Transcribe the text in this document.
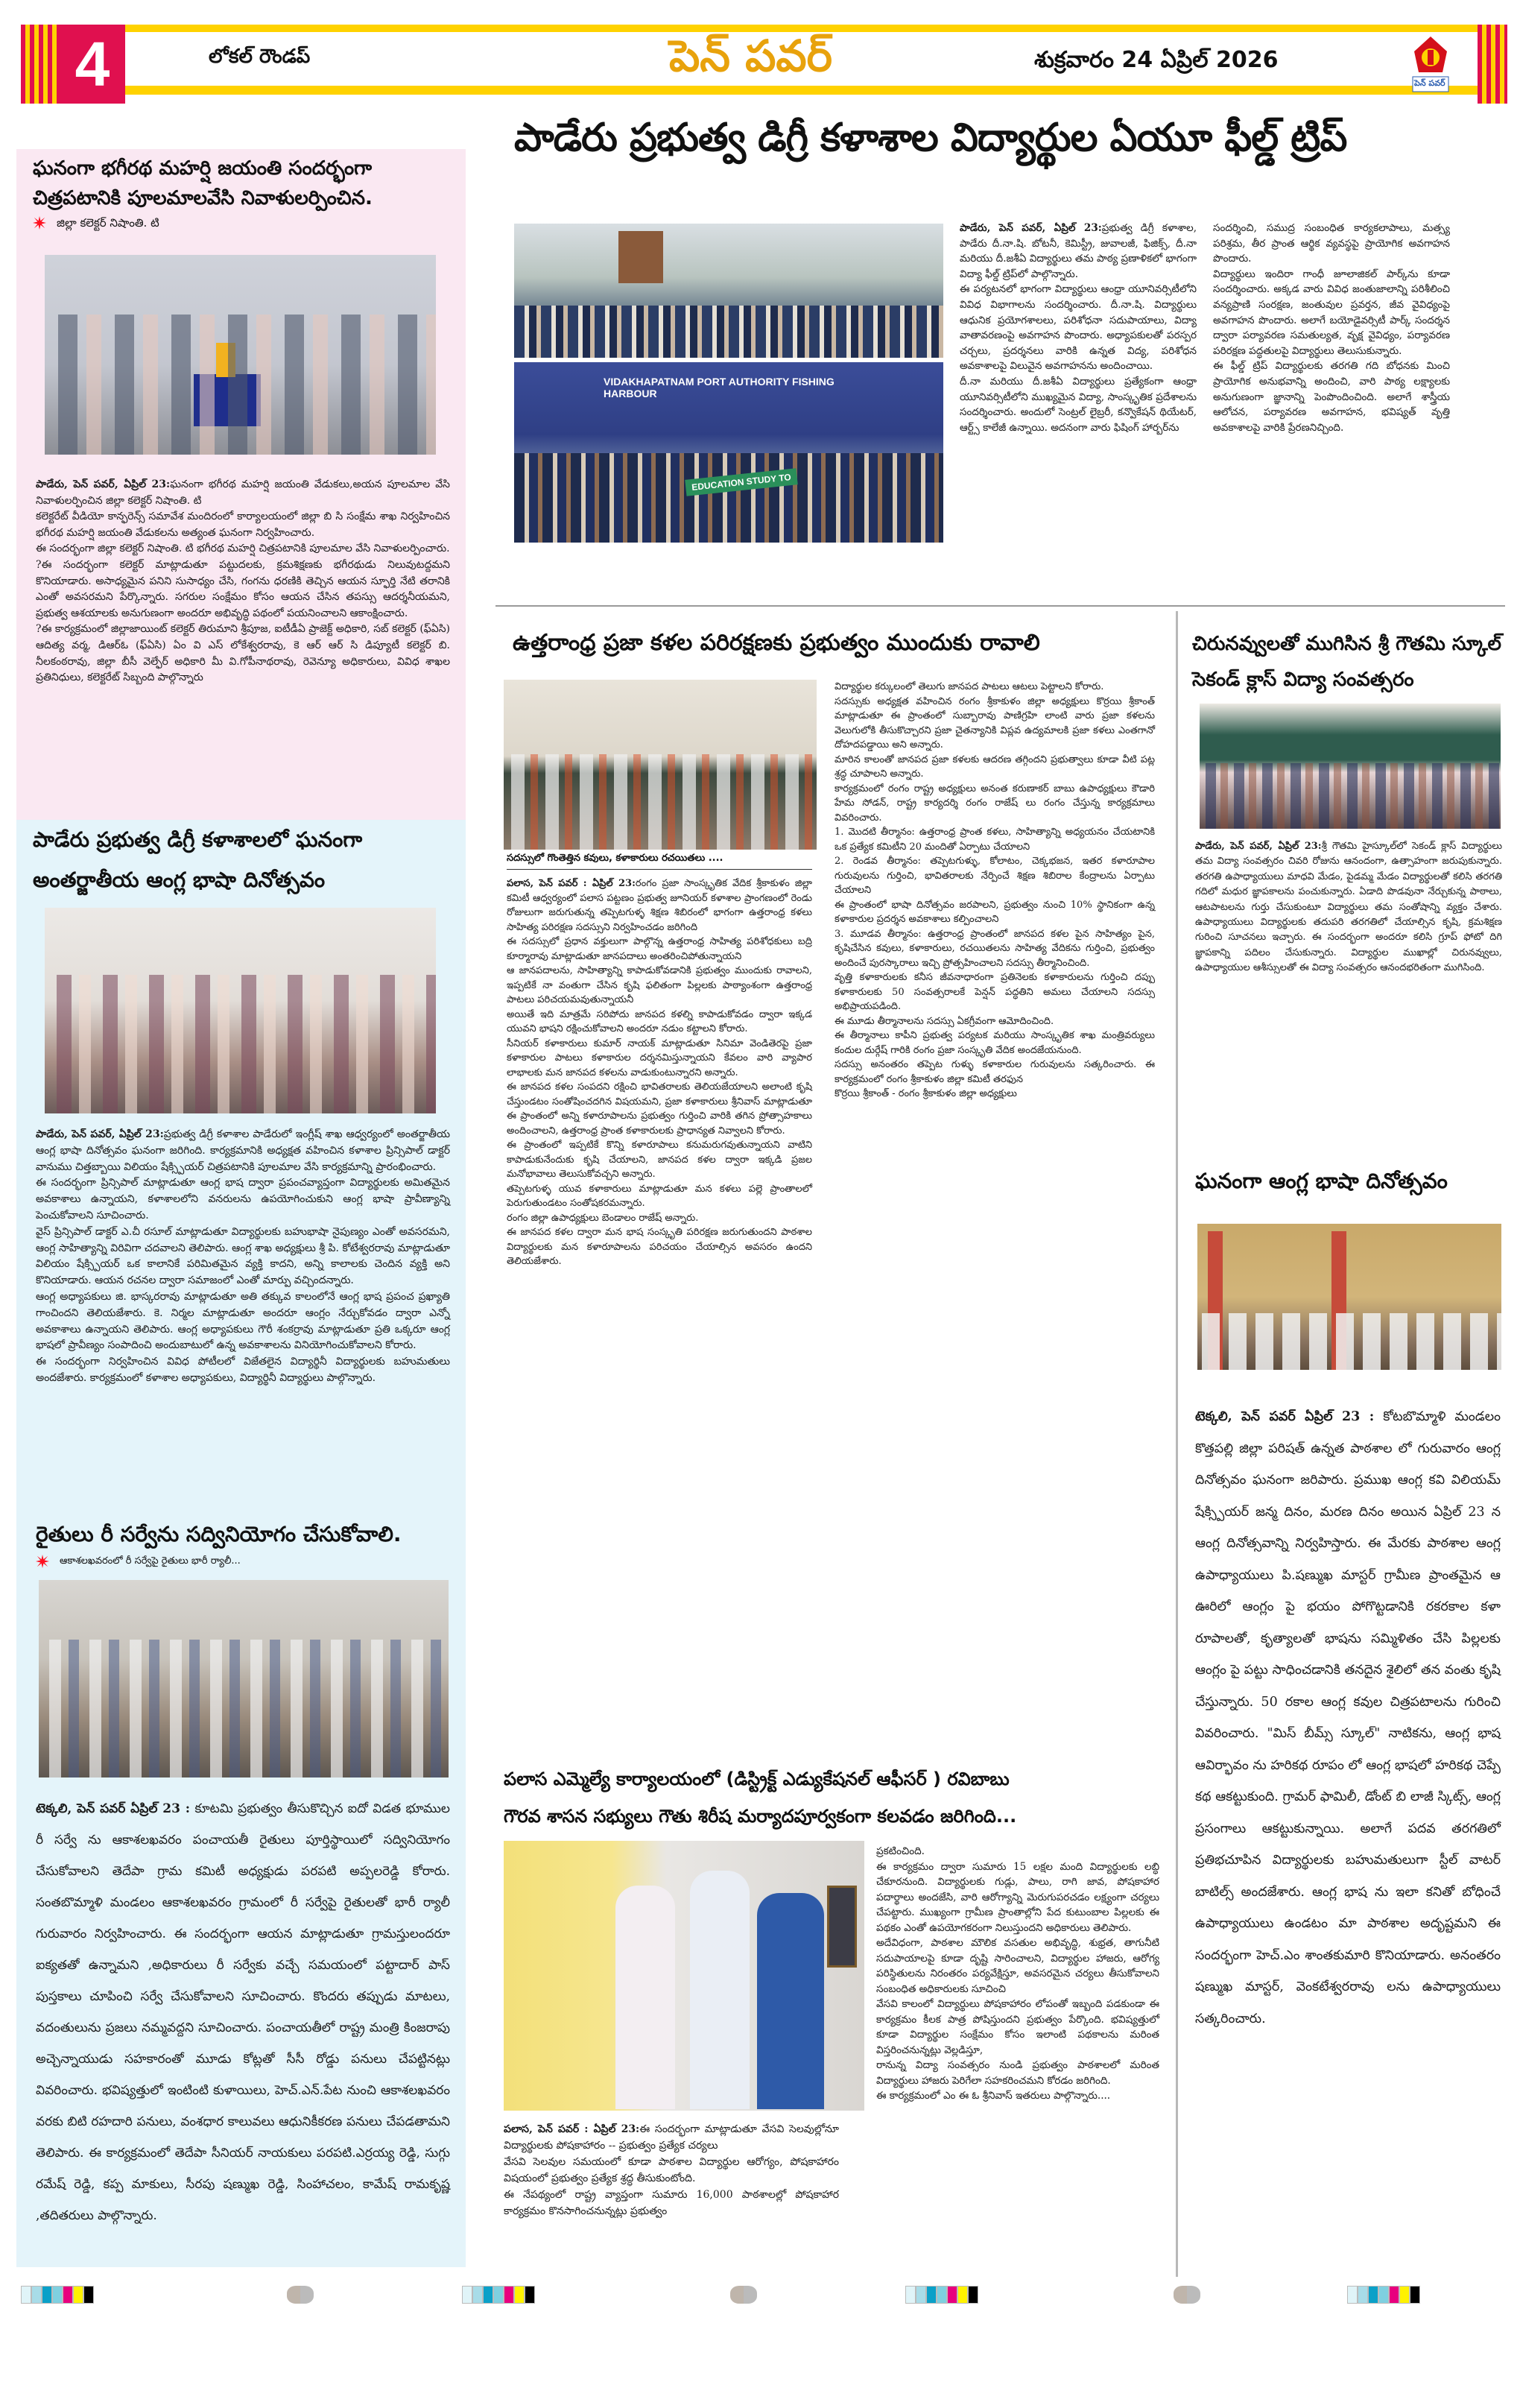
4	లోకల్ రౌండప్	పెన్ పవర్	శుక్రవారం 24 ఏప్రిల్ 2026
పెన్ పవర్
పాడేరు ప్రభుత్వ డిగ్రీ కళాశాల విద్యార్థుల ఏయూ ఫీల్డ్ ట్రిప్
VIDAKHAPATNAM PORT AUTHORITY FISHING HARBOUR
EDUCATION STUDY TO

పాడేరు, పెన్ పవర్, ఏప్రిల్ 23:ప్రభుత్వ డిగ్రీ కళాశాల, పాడేరు దీ.నా.షి. బోటనీ, కెమిస్ట్రీ, జువాలజీ, ఫిజిక్స్, దీ.నా మరియు దీ.జశీఏ విద్యార్థులు తమ పాఠ్య ప్రణాళికలో భాగంగా విద్యా ఫీల్డ్ ట్రిప్‌లో పాల్గొన్నారు.

ఈ పర్యటనలో భాగంగా విద్యార్థులు ఆంధ్రా యూనివర్సిటీలోని వివిధ విభాగాలను సందర్శించారు. దీ.నా.షి. విద్యార్థులు ఆధునిక ప్రయోగశాలలు, పరిశోధనా సదుపాయాలు, విద్యా వాతావరణంపై అవగాహన పొందారు. అధ్యాపకులతో పరస్పర చర్చలు, ప్రదర్శనలు వారికి ఉన్నత విద్య, పరిశోధన అవకాశాలపై విలువైన అవగాహనను అందించాయి.

దీ.నా మరియు దీ.జశీఏ విద్యార్థులు ప్రత్యేకంగా ఆంధ్రా యూనివర్సిటీలోని ముఖ్యమైన విద్యా, సాంస్కృతిక ప్రదేశాలను సందర్శించారు. అందులో సెంట్రల్ లైబ్రరీ, కన్వొకేషన్ థియేటర్, ఆర్ట్స్ కాలేజీ ఉన్నాయి. అదనంగా వారు ఫిషింగ్ హార్బర్‌ను

సందర్శించి, సముద్ర సంబంధిత కార్యకలాపాలు, మత్స్య పరిశ్రమ, తీర ప్రాంత ఆర్థిక వ్యవస్థపై ప్రాయోగిక అవగాహన పొందారు.

విద్యార్థులు ఇందిరా గాంధీ జూలాజికల్ పార్క్‌ను కూడా సందర్శించారు. అక్కడ వారు వివిధ జంతుజాలాన్ని పరిశీలించి వన్యప్రాణి సంరక్షణ, జంతువుల ప్రవర్తన, జీవ వైవిధ్యంపై అవగాహన పొందారు. అలాగే బయోడైవర్సిటీ పార్క్ సందర్శన ద్వారా పర్యావరణ సమతుల్యత, వృక్ష వైవిధ్యం, పర్యావరణ పరిరక్షణ పద్ధతులపై విద్యార్థులు తెలుసుకున్నారు.

ఈ ఫీల్డ్ ట్రిప్ విద్యార్థులకు తరగతి గది బోధనకు మించి ప్రాయోగిక అనుభవాన్ని అందించి, వారి పాఠ్య లక్ష్యాలకు అనుగుణంగా జ్ఞానాన్ని పెంపొందించింది. అలాగే శాస్త్రీయ ఆలోచన, పర్యావరణ అవగాహన, భవిష్యత్ వృత్తి అవకాశాలపై వారికి ప్రేరణనిచ్చింది.

ఘనంగా భగీరథ మహర్షి జయంతి సందర్భంగా
చిత్రపటానికి పూలమాలవేసి నివాళులర్పించిన.
జిల్లా కలెక్టర్ నిషాంతి. టి

పాడేరు, పెన్ పవర్, ఏప్రిల్ 23:ఘనంగా భగీరథ మహర్షి జయంతి వేడుకలు,అయన పూలమాల వేసి నివాళులర్పించిన జిల్లా కలెక్టర్ నిషాంతి. టి

కలెక్టరేట్ వీడియో కాన్ఫరెన్స్ సమావేశ మందిరంలో కార్యాలయంలో జిల్లా బి సి సంక్షేమ శాఖ నిర్వహించిన భగీరథ మహర్షి జయంతి వేడుకలను అత్యంత ఘనంగా నిర్వహించారు.

ఈ సందర్భంగా జిల్లా కలెక్టర్ నిషాంతి. టి భగీరథ మహర్షి చిత్రపటానికి పూలమాల వేసి నివాళులర్పించారు.

?ఈ సందర్భంగా కలెక్టర్ మాట్లాడుతూ పట్టుదలకు, క్రమశిక్షణకు భగీరథుడు నిలువుటద్దమని కొనియాడారు. అసాధ్యమైన పనిని సుసాధ్యం చేసి, గంగను ధరణికి తెచ్చిన ఆయన స్ఫూర్తి నేటి తరానికి ఎంతో అవసరమని పేర్కొన్నారు. సగరుల సంక్షేమం కోసం ఆయన చేసిన తపస్సు ఆదర్శనీయమని, ప్రభుత్వ ఆశయాలకు అనుగుణంగా అందరూ అభివృద్ధి పథంలో పయనించాలని ఆకాంక్షించారు.

?ఈ కార్యక్రమంలో జిల్లాజాయింట్ కలెక్టర్ తిరుమాని శ్రీపూజ, ఐటీడీఏ ప్రాజెక్ట్ అధికారి, సబ్ కలెక్టర్ (ఫ్ఏసి) ఆదిత్య వర్మ, డిఆర్ఓ (ఫ్ఏసి) ఏం వి ఎస్ లోకేశ్వరరావు, కె ఆర్ ఆర్ సి డిప్యూటీ కలెక్టర్ బి. నీలకంఠరావు, జిల్లా బీసీ వెల్ఫేర్ అధికారి మీ వి.గోపీనాథరావు, రెవెన్యూ అధికారులు, వివిధ శాఖల ప్రతినిధులు, కలెక్టరేట్ సిబ్బంది పాల్గొన్నారు

పాడేరు ప్రభుత్వ డిగ్రీ కళాశాలలో ఘనంగా
అంతర్జాతీయ ఆంగ్ల భాషా దినోత్సవం

పాడేరు, పెన్ పవర్, ఏప్రిల్ 23:ప్రభుత్వ డిగ్రీ కళాశాల పాడేరులో ఇంగ్లీష్ శాఖ ఆధ్వర్యంలో అంతర్జాతీయ ఆంగ్ల భాషా దినోత్సవం ఘనంగా జరిగింది. కార్యక్రమానికి అధ్యక్షత వహించిన కళాశాల ప్రిన్సిపాల్ డాక్టర్ వానుము చిత్తబ్బాయి విలియం షేక్స్పియర్ చిత్రపటానికి పూలమాల వేసి కార్యక్రమాన్ని ప్రారంభించారు.

ఈ సందర్భంగా ప్రిన్సిపాల్ మాట్లాడుతూ ఆంగ్ల భాష ద్వారా ప్రపంచవ్యాప్తంగా విద్యార్థులకు అమితమైన అవకాశాలు ఉన్నాయని, కళాశాలలోని వనరులను ఉపయోగించుకుని ఆంగ్ల భాషా ప్రావీణ్యాన్ని పెంచుకోవాలని సూచించారు.

వైస్ ప్రిన్సిపాల్ డాక్టర్ ఎ.చీ రసూల్ మాట్లాడుతూ విద్యార్థులకు బహుభాషా నైపుణ్యం ఎంతో అవసరమని, ఆంగ్ల సాహిత్యాన్ని విరివిగా చదవాలని తెలిపారు. ఆంగ్ల శాఖ అధ్యక్షులు శ్రీ పి. కోటేశ్వరరావు మాట్లాడుతూ విలియం షేక్స్పియర్ ఒక కాలానికే పరిమితమైన వ్యక్తి కాదని, అన్ని కాలాలకు చెందిన వ్యక్తి అని కొనియాడారు. ఆయన రచనల ద్వారా సమాజంలో ఎంతో మార్పు వచ్చిందన్నారు.

ఆంగ్ల అధ్యాపకులు జి. భాస్కరరావు మాట్లాడుతూ అతి తక్కువ కాలంలోనే ఆంగ్ల భాష ప్రపంచ ప్రఖ్యాతి గాంచిందని తెలియజేశారు. కె. నిర్మల మాట్లాడుతూ అందరూ ఆంగ్లం నేర్చుకోవడం ద్వారా ఎన్నో అవకాశాలు ఉన్నాయని తెలిపారు. ఆంగ్ల అధ్యాపకులు గౌరీ శంకర్రావు మాట్లాడుతూ ప్రతి ఒక్కరూ ఆంగ్ల భాషలో ప్రావీణ్యం సంపాదించి అందుబాటులో ఉన్న అవకాశాలను వినియోగించుకోవాలని కోరారు.

ఈ సందర్భంగా నిర్వహించిన వివిధ పోటీలలో విజేతలైన విద్యార్థినీ విద్యార్థులకు బహుమతులు అందజేశారు. కార్యక్రమంలో కళాశాల అధ్యాపకులు, విద్యార్థినీ విద్యార్థులు పాల్గొన్నారు.

రైతులు రీ సర్వేను సద్వినియోగం చేసుకోవాలి.
ఆకాశలఖవరంలో రీ సర్వేపై రైతులు భారీ ర్యాలీ...

టెక్కలి, పెన్ పవర్ ఏప్రిల్ 23 : కూటమి ప్రభుత్వం తీసుకొచ్చిన ఐదో విడత భూముల రీ సర్వే ను ఆకాశలఖవరం పంచాయతీ రైతులు పూర్తిస్థాయిలో సద్వినియోగం చేసుకోవాలని తెదేపా గ్రామ కమిటీ అధ్యక్షుడు పరపటి అప్పలరెడ్డి కోరారు. సంతబొమ్మాళి మండలం ఆకాశలఖవరం గ్రామంలో రీ సర్వేపై రైతులతో భారీ ర్యాలీ గురువారం నిర్వహించారు. ఈ సందర్భంగా ఆయన మాట్లాడుతూ గ్రామస్తులందరూ ఐక్యతతో ఉన్నామని ,అధికారులు రీ సర్వేకు వచ్చే సమయంలో పట్టాదార్ పాస్ పుస్తకాలు చూపించి సర్వే చేసుకోవాలని సూచించారు. కొందరు తప్పుడు మాటలు, వదంతులును ప్రజలు నమ్మవద్దని సూచించారు. పంచాయతీలో రాష్ట్ర మంత్రి కింజరాపు అచ్చెన్నాయుడు సహకారంతో మూడు కోట్లతో సీసీ రోడ్డు పనులు చేపట్టినట్లు వివరించారు. భవిష్యత్తులో ఇంటింటి కుళాయిలు, హెచ్.ఎన్.పేట నుంచి ఆకాశలఖవరం వరకు బిటి రహదారి పనులు, వంశధార కాలువలు ఆధునికీకరణ పనులు చేపడతామని తెలిపారు. ఈ కార్యక్రమంలో తెదేపా సీనియర్ నాయకులు పరపటి.ఎర్రయ్య రెడ్డి, సుగ్గు రమేష్ రెడ్డి, కప్ప మాకులు, సీరపు షణ్ముఖ రెడ్డి, సింహాచలం, కామేష్ రామకృష్ణ ,తదితరులు పాల్గొన్నారు.

ఉత్తరాంధ్ర ప్రజా కళల పరిరక్షణకు ప్రభుత్వం ముందుకు రావాలి
సదస్సులో గొంతెత్తిన కవులు, కళాకారులు రచయితలు ....

పలాస, పెన్ పవర్ : ఏప్రిల్ 23:రంగం ప్రజా సాంస్కృతిక వేదిక శ్రీకాకుళం జిల్లా కమిటీ ఆధ్వర్యంలో పలాస పట్టణం ప్రభుత్వ జూనియర్ కళాశాల ప్రాంగణంలో రెండు రోజులుగా జరుగుతున్న తప్పెటగుళ్ళ శిక్షణ శిబిరంలో భాగంగా ఉత్తరాంధ్ర కళలు సాహిత్య పరిరక్షణ సదస్సుని నిర్వహించడం జరిగింది

ఈ సదస్సులో ప్రధాన వక్తులుగా పాల్గొన్న ఉత్తరాంధ్ర సాహిత్య పరిశోధకులు బద్రి కూర్మారావు మాట్లాడుతూ జానపదాలు అంతరించిపోతున్నాయని

ఆ జానపదాలను, సాహిత్యాన్ని కాపాడుకోవడానికి ప్రభుత్వం ముందుకు రావాలని, ఇప్పటికే నా వంతుగా చేసిన కృషి ఫలితంగా పిల్లలకు పాఠ్యాంశంగా ఉత్తరాంధ్ర పాటలు పరిచయమవుతున్నాయనీ

అయితే ఇది మాత్రమే సరిపోదు జానపద కళల్ని కాపాడుకోవడం ద్వారా ఇక్కడ యువని భాషని రక్షించుకోవాలని అందరూ నడుం కట్టాలని కోరారు.

సీనియర్ కళాకారులు కుమార్ నాయక్ మాట్లాడుతూ సినిమా వెండితెరపై ప్రజా కళాకారుల పాటలు కళాకారుల దర్శనమిస్తున్నాయని కేవలం వారి వ్యాపార లాభాలకు మన జానపద కళలను వాడుకుంటున్నారని అన్నారు.

ఈ జానపద కళల సంపదని రక్షించి భావితరాలకు తెలియజేయాలని అలాంటి కృషి చేస్తుండటం సంతోషించదగిన విషయమని, ప్రజా కళాకారులు శ్రీనివాస్ మాట్లాడుతూ ఈ ప్రాంతంలో అన్ని కళారూపాలను ప్రభుత్వం గుర్తించి వారికి తగిన ప్రోత్సాహకాలు అందించాలని, ఉత్తరాంధ్ర ప్రాంత కళాకారులకు ప్రాధాన్యత నివ్వాలని కోరారు.

ఈ ప్రాంతంలో ఇప్పటికే కొన్ని కళారూపాలు కనుమరుగవుతున్నాయని వాటిని కాపాడుకునేందుకు కృషి చేయాలని, జానపద కళల ద్వారా ఇక్కడి ప్రజల మనోభావాలు తెలుసుకోవచ్చని అన్నారు.

తప్పెటగుళ్ళ యువ కళాకారులు మాట్లాడుతూ మన కళలు పల్లె ప్రాంతాలలో పెరుగుతుండటం సంతోషకరమన్నారు.

రంగం జిల్లా ఉపాధ్యక్షులు బెండాలం రాజేష్ అన్నారు.

ఈ జానపద కళల ద్వారా మన భాష సంస్కృతి పరిరక్షణ జరుగుతుందని పాఠశాల విద్యార్థులకు మన కళారూపాలను పరిచయం చేయాల్సిన అవసరం ఉందని తెలియజేశారు.

విద్యార్థుల కర్కులంలో తెలుగు జానపద పాటలు ఆటలు పెట్టాలని కోరారు.

సదస్సుకు అధ్యక్షత వహించిన రంగం శ్రీకాకుళం జిల్లా అధ్యక్షులు కొర్రయి శ్రీకాంత్ మాట్లాడుతూ ఈ ప్రాంతంలో సుబ్బారావు పాణిగ్రహి లాంటి వారు ప్రజా కళలను వెలుగులోకి తీసుకొచ్చారని ప్రజా చైతన్యానికి విప్లవ ఉద్యమాలకి ప్రజా కళలు ఎంతగానో దోహదపడ్డాయి అని అన్నారు.

మారిన కాలంతో జానపద ప్రజా కళలకు ఆదరణ తగ్గిందని ప్రభుత్వాలు కూడా వీటి పట్ల శ్రద్ధ చూపాలని అన్నారు.

కార్యక్రమంలో రంగం రాష్ట్ర అధ్యక్షులు అనంత కరుణాకర్ బాబు ఉపాధ్యక్షులు కౌడారి హేమ సోడన్, రాష్ట్ర కార్యదర్శి రంగం రాజేష్ లు రంగం చేస్తున్న కార్యక్రమాలు వివరించారు.

1. మొదటి తీర్మానం: ఉత్తరాంధ్ర ప్రాంత కళలు, సాహిత్యాన్ని అధ్యయనం చేయటానికి ఒక ప్రత్యేక కమిటీని 20 మందితో ఏర్పాటు చేయాలని

2. రెండవ తీర్మానం: తప్పెటగుళ్ళు, కోలాటం, చెక్కభజన, ఇతర కళారూపాల గురువులను గుర్తించి, భావితరాలకు నేర్పించే శిక్షణ శిబిరాల కేంద్రాలను ఏర్పాటు చేయాలని

ఈ ప్రాంతంలో భాషా దినోత్సవం జరపాలని, ప్రభుత్వం నుంచి 10% స్థానికంగా ఉన్న కళాకారుల ప్రదర్శన అవకాశాలు కల్పించాలని

3. మూడవ తీర్మానం: ఉత్తరాంధ్ర ప్రాంతంలో జానపద కళల పైన సాహిత్యం పైన, కృషిచేసిన కవులు, కళాకారులు, రచయితలను సాహిత్య వేదికను గుర్తించి, ప్రభుత్వం అందించే పురస్కారాలు ఇచ్చి ప్రోత్సహించాలని సదస్సు తీర్మానించింది.

వృత్తి కళాకారులకు కనీస జీవనాధారంగా ప్రతినెలకు కళాకారులను గుర్తించి దప్పు కళాకారులకు 50 సంవత్సరాలకే పెన్షన్ పద్ధతిని అమలు చేయాలని సదస్సు అభిప్రాయపడింది.

ఈ మూడు తీర్మానాలను సదస్సు ఏకగ్రీవంగా ఆమోదించింది.

ఈ తీర్మానాలు కాపీని ప్రభుత్వ పర్యటక మరియు సాంస్కృతిక శాఖ మంత్రివర్యులు కందుల దుర్గేష్ గారికి రంగం ప్రజా సంస్కృతి వేదిక అందజేయనుంది.

సదస్సు అనంతరం తప్పెట గుళ్ళు కళాకారుల గురువులను సత్కరించారు. ఈ కార్యక్రమంలో రంగం శ్రీకాకుళం జిల్లా కమిటీ తరఫున

కొర్రయి శ్రీకాంత్ - రంగం శ్రీకాకుళం జిల్లా అధ్యక్షులు

పలాస ఎమ్మెల్యే కార్యాలయంలో (డిస్ట్రిక్ట్ ఎడ్యుకేషనల్ ఆఫీసర్ ) రవిబాబు
గౌరవ శాసన సభ్యులు గౌతు శిరీష మర్యాదపూర్వకంగా కలవడం జరిగింది...

పలాస, పెన్ పవర్ : ఏప్రిల్ 23:ఈ సందర్భంగా మాట్లాడుతూ వేసవి సెలవుల్లోనూ విద్యార్థులకు పోషకాహారం -- ప్రభుత్వం ప్రత్యేక చర్యలు

వేసవి సెలవుల సమయంలో కూడా పాఠశాల విద్యార్థుల ఆరోగ్యం, పోషకాహారం విషయంలో ప్రభుత్వం ప్రత్యేక శ్రద్ధ తీసుకుంటోంది.

ఈ నేపథ్యంలో రాష్ట్ర వ్యాప్తంగా సుమారు 16,000 పాఠశాలల్లో పోషకాహార కార్యక్రమం కొనసాగించనున్నట్లు ప్రభుత్వం

ప్రకటించింది.

ఈ కార్యక్రమం ద్వారా సుమారు 15 లక్షల మంది విద్యార్థులకు లబ్ధి చేకూరనుంది. విద్యార్థులకు గుడ్లు, పాలు, రాగి జావ, పోషకాహార పదార్థాలు అందజేసి, వారి ఆరోగ్యాన్ని మెరుగుపరచడం లక్ష్యంగా చర్యలు చేపట్టారు. ముఖ్యంగా గ్రామీణ ప్రాంతాల్లోని పేద కుటుంబాల పిల్లలకు ఈ పథకం ఎంతో ఉపయోగకరంగా నిలుస్తుందని అధికారులు తెలిపారు.

అదేవిధంగా, పాఠశాల మౌలిక వసతుల అభివృద్ధి, శుభ్రత, తాగునీటి సదుపాయాలపై కూడా దృష్టి సారించాలని, విద్యార్థుల హాజరు, ఆరోగ్య పరిస్థితులను నిరంతరం పర్యవేక్షిస్తూ, అవసరమైన చర్యలు తీసుకోవాలని సంబంధిత అధికారులకు సూచించి

వేసవి కాలంలో విద్యార్థులు పోషకాహారం లోపంతో ఇబ్బంది పడకుండా ఈ కార్యక్రమం కీలక పాత్ర పోషిస్తుందని ప్రభుత్వం పేర్కొంది. భవిష్యత్తులో కూడా విద్యార్థుల సంక్షేమం కోసం ఇలాంటి పథకాలను మరింత విస్తరించనున్నట్లు వెల్లడిస్తూ,

రానున్న విద్యా సంవత్సరం నుండి ప్రభుత్వం పాఠశాలలో మరింత విద్యార్థులు హాజరు పెరిగేలా సహకరించమని కోరడం జరిగింది.

ఈ కార్యక్రమంలో ఎం ఈ ఓ శ్రీనివాస్ ఇతరులు పాల్గొన్నారు....

చిరునవ్వులతో ముగిసిన శ్రీ గౌతమి స్కూల్ సెకండ్ క్లాస్ విద్యా సంవత్సరం

పాడేరు, పెన్ పవర్, ఏప్రిల్ 23:శ్రీ గౌతమి హైస్కూల్‌లో సెకండ్ క్లాస్ విద్యార్థులు తమ విద్యా సంవత్సరం చివరి రోజును ఆనందంగా, ఉత్సాహంగా జరుపుకున్నారు. తరగతి ఉపాధ్యాయులు మాధవి మేడం, పైడమ్మ మేడం విద్యార్థులతో కలిసి తరగతి గదిలో మధుర జ్ఞాపకాలను పంచుకున్నారు. ఏడాది పొడవునా నేర్చుకున్న పాఠాలు, ఆటపాటలను గుర్తు చేసుకుంటూ విద్యార్థులు తమ సంతోషాన్ని వ్యక్తం చేశారు. ఉపాధ్యాయులు విద్యార్థులకు తదుపరి తరగతిలో చేయాల్సిన కృషి, క్రమశిక్షణ గురించి సూచనలు ఇచ్చారు. ఈ సందర్భంగా అందరూ కలిసి గ్రూప్ ఫోటో దిగి జ్ఞాపకాన్ని పదిలం చేసుకున్నారు. విద్యార్థుల ముఖాల్లో చిరునవ్వులు, ఉపాధ్యాయుల ఆశీస్సులతో ఈ విద్యా సంవత్సరం ఆనందభరితంగా ముగిసింది.

ఘనంగా ఆంగ్ల భాషా దినోత్సవం

టెక్కలి, పెన్ పవర్ ఏప్రిల్ 23 : కోటబొమ్మాళి మండలం కొత్తపల్లి జిల్లా పరిషత్ ఉన్నత పాఠశాల లో గురువారం ఆంగ్ల దినోత్సవం ఘనంగా జరిపారు. ప్రముఖ ఆంగ్ల కవి విలియమ్ షేక్స్పియర్ జన్మ దినం, మరణ దినం అయిన ఏప్రిల్ 23 న ఆంగ్ల దినోత్సవాన్ని నిర్వహిస్తారు. ఈ మేరకు పాఠశాల ఆంగ్ల ఉపాధ్యాయులు పి.షణ్ముఖ మాస్టర్ గ్రామీణ ప్రాంతమైన ఆ ఊరిలో ఆంగ్లం పై భయం పోగొట్టడానికి రకరకాల కళా రూపాలతో, కృత్యాలతో భాషను సమ్మిళితం చేసి పిల్లలకు ఆంగ్లం పై పట్టు సాధించడానికి తనదైన శైలిలో తన వంతు కృషి చేస్తున్నారు. 50 రకాల ఆంగ్ల కవుల చిత్రపటాలను గురించి వివరించారు. "మిస్ బీమ్స్ స్కూల్" నాటికను, ఆంగ్ల భాష ఆవిర్భావం ను హరికథ రూపం లో ఆంగ్ల భాషలో హరికథ చెప్పే కథ ఆకట్టుకుంది. గ్రామర్ ఫామిలీ, డోంట్ బి లాజీ స్కిట్స్, ఆంగ్ల ప్రసంగాలు ఆకట్టుకున్నాయి. అలాగే పదవ తరగతిలో ప్రతిభచూపిన విద్యార్థులకు బహుమతులుగా స్టీల్ వాటర్ బాటిల్స్ అందజేశారు. ఆంగ్ల భాష ను ఇలా కనితో బోధించే ఉపాధ్యాయులు ఉండటం మా పాఠశాల అదృష్టమని ఈ సందర్భంగా హెచ్.ఎం శాంతకుమారి కొనియాడారు. అనంతరం షణ్ముఖ మాస్టర్, వెంకటేశ్వరరావు లను ఉపాధ్యాయులు సత్కరించారు.
